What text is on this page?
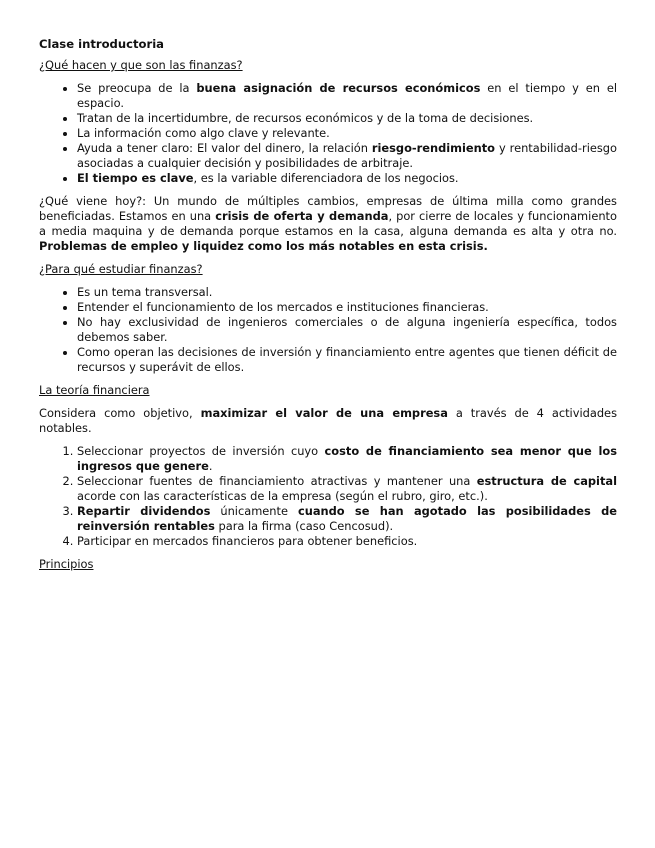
Clase introductoria
¿Qué hacen y que son las finanzas?
• Se preocupa de la buena asignación de recursos económicos en el tiempo y en el espacio.
• Tratan de la incertidumbre, de recursos económicos y de la toma de decisiones.
• La información como algo clave y relevante.
• Ayuda a tener claro: El valor del dinero, la relación riesgo-rendimiento y rentabilidad-riesgo asociadas a cualquier decisión y posibilidades de arbitraje.
• El tiempo es clave, es la variable diferenciadora de los negocios.

¿Qué viene hoy?: Un mundo de múltiples cambios, empresas de última milla como grandes beneficiadas. Estamos en una crisis de oferta y demanda, por cierre de locales y funcionamiento a media maquina y de demanda porque estamos en la casa, alguna demanda es alta y otra no. Problemas de empleo y liquidez como los más notables en esta crisis.

¿Para qué estudiar finanzas?
• Es un tema transversal.
• Entender el funcionamiento de los mercados e instituciones financieras.
• No hay exclusividad de ingenieros comerciales o de alguna ingeniería específica, todos debemos saber.
• Como operan las decisiones de inversión y financiamiento entre agentes que tienen déficit de recursos y superávit de ellos.
La teoría financiera

Considera como objetivo, maximizar el valor de una empresa a través de 4 actividades notables.

1. Seleccionar proyectos de inversión cuyo costo de financiamiento sea menor que los ingresos que genere.
2. Seleccionar fuentes de financiamiento atractivas y mantener una estructura de capital acorde con las características de la empresa (según el rubro, giro, etc.).
3. Repartir dividendos únicamente cuando se han agotado las posibilidades de reinversión rentables para la firma (caso Cencosud).
4. Participar en mercados financieros para obtener beneficios.
Principios
